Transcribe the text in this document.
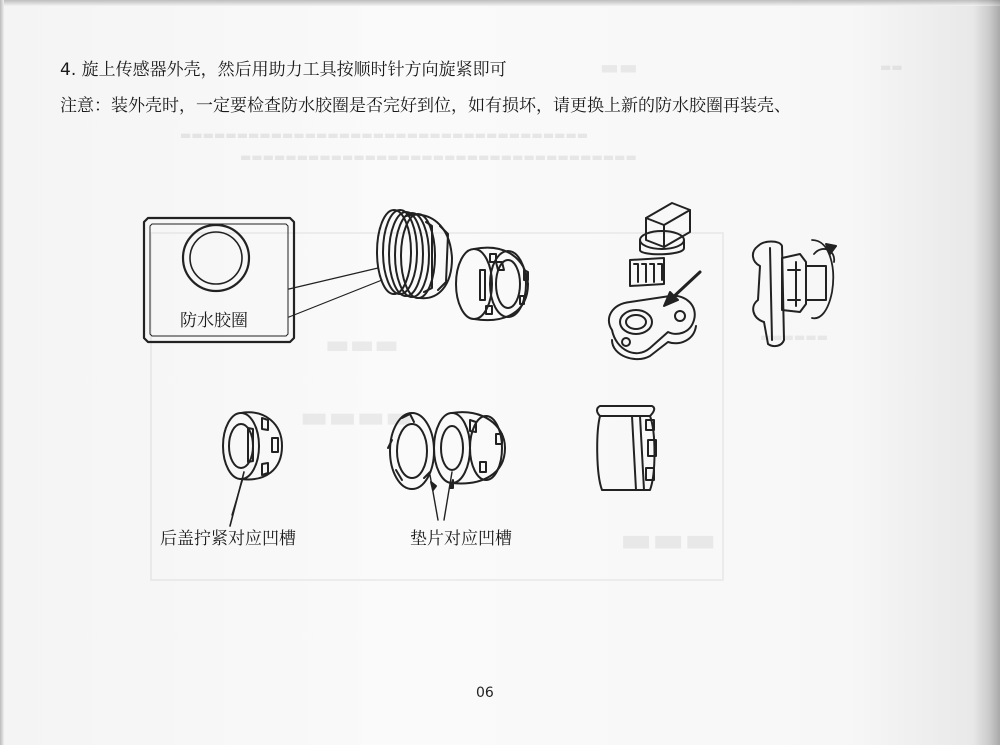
▬▬▬
▬▬▬▬
▬▬▬
▬▬
▬▬▬▬▬▬▬▬▬▬▬▬▬▬▬▬▬▬▬▬▬▬▬▬▬▬▬▬▬▬▬▬▬▬▬▬
▬▬▬▬▬▬▬▬▬▬▬▬▬▬▬▬▬▬▬▬▬▬▬▬▬▬▬▬▬▬▬▬▬▬▬
▬▬
▬▬▬▬▬▬
4. 旋上传感器外壳，然后用助力工具按顺时针方向旋紧即可
注意：装外壳时，一定要检查防水胶圈是否完好到位，如有损坏，请更换上新的防水胶圈再装壳、
防水胶圈
后盖拧紧对应凹槽	垫片对应凹槽
06
